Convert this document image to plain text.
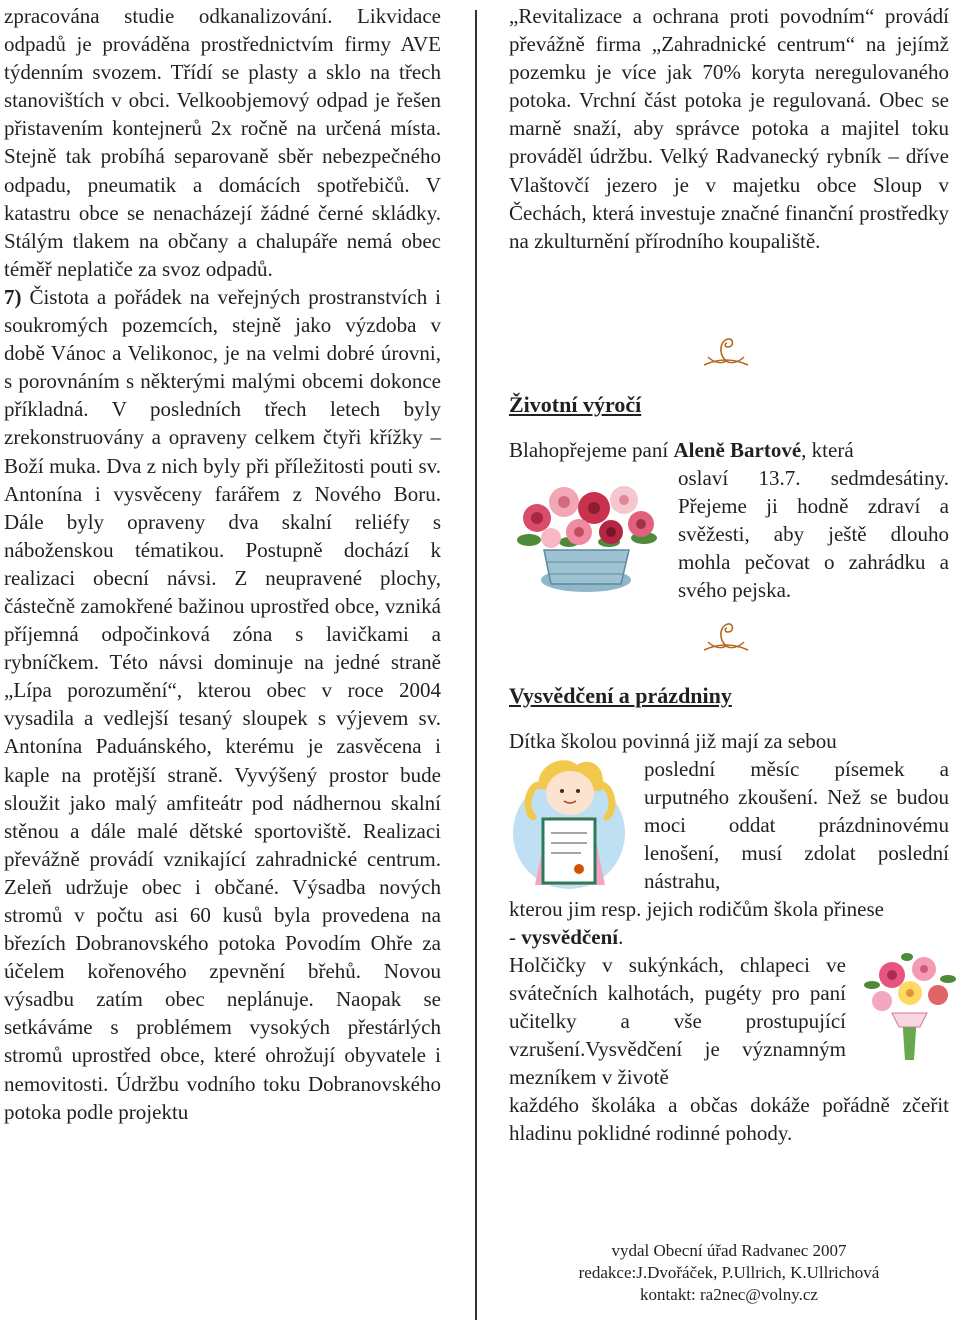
zpracována studie odkanalizování. Likvidace odpadů je prováděna prostřednictvím firmy AVE týdenním svozem. Třídí se plasty a sklo na třech stanovištích v obci. Velkoobjemový odpad je řešen přistavením kontejnerů 2x ročně na určená místa. Stejně tak probíhá separovaně sběr nebezpečného odpadu, pneumatik a domácích spotřebičů. V katastru obce se nenacházejí žádné černé skládky. Stálým tlakem na občany a chalupáře nemá obec téměř neplatiče za svoz odpadů.

7) Čistota a pořádek na veřejných prostranstvích i soukromých pozemcích, stejně jako výzdoba v době Vánoc a Velikonoc, je na velmi dobré úrovni, s porovnáním s některými malými obcemi dokonce příkladná. V posledních třech letech byly zrekonstruovány a opraveny celkem čtyři křížky – Boží muka. Dva z nich byly při příležitosti pouti sv. Antonína i vysvěceny farářem z Nového Boru. Dále byly opraveny dva skalní reliéfy s náboženskou tématikou. Postupně dochází k realizaci obecní návsi. Z neupravené plochy, částečně zamokřené bažinou uprostřed obce, vzniká příjemná odpočinková zóna s lavičkami a rybníčkem. Této návsi dominuje na jedné straně „Lípa porozumění“, kterou obec v roce 2004 vysadila a vedlejší tesaný sloupek s výjevem sv. Antonína Paduánského, kterému je zasvěcena i kaple na protější straně. Vyvýšený prostor bude sloužit jako malý amfiteátr pod nádhernou skalní stěnou a dále malé dětské sportoviště. Realizaci převážně provádí vznikající zahradnické centrum. Zeleň udržuje obec i občané. Výsadba nových stromů v počtu asi 60 kusů byla provedena na březích Dobranovského potoka Povodím Ohře za účelem kořenového zpevnění břehů. Novou výsadbu zatím obec neplánuje. Naopak se setkáváme s problémem vysokých přestárlých stromů uprostřed obce, které ohrožují obyvatele i nemovitosti. Údržbu vodního toku Dobranovského potoka podle projektu

„Revitalizace a ochrana proti povodním“ provádí převážně firma „Zahradnické centrum“ na jejímž pozemku je více jak 70% koryta neregulovaného potoka. Vrchní část potoka je regulovaná. Obec se marně snaží, aby správce potoka a majitel toku prováděl údržbu. Velký Radvanecký rybník – dříve Vlaštovčí jezero je v majetku obce Sloup v Čechách, která investuje značné finanční prostředky na zkulturnění přírodního koupaliště.

Životní výročí
Blahopřejeme paní Aleně Bartové, která
oslaví 13.7. sedmdesátiny. Přejeme ji hodně zdraví a svěžesti, aby ještě dlouho mohla pečovat o zahrádku a svého pejska.
Vysvědčení a prázdniny
Dítka školou povinná již mají za sebou
poslední měsíc písemek a urputného zkoušení. Než se budou moci oddat prázdninovému lenošení, musí zdolat poslední nástrahu,
kterou jim resp. jejich rodičům škola přinese
- vysvědčení.
Holčičky v sukýnkách, chlapeci ve svátečních kalhotách, pugéty pro paní učitelky a vše prostupující vzrušení.Vysvědčení je významným mezníkem v životě
každého školáka a občas dokáže pořádně zčeřit hladinu poklidné rodinné pohody.
vydal Obecní úřad Radvanec 2007
redakce:J.Dvořáček, P.Ullrich, K.Ullrichová
kontakt: ra2nec@volny.cz
